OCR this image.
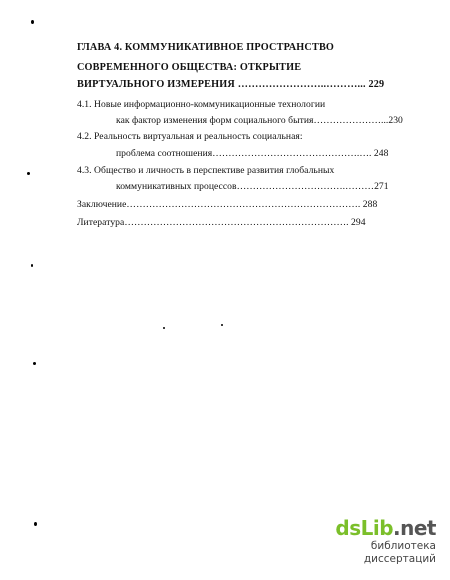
ГЛАВА 4. КОММУНИКАТИВНОЕ ПРОСТРАНСТВО
СОВРЕМЕННОГО ОБЩЕСТВА: ОТКРЫТИЕ
ВИРТУАЛЬНОГО ИЗМЕРЕНИЯ ……………………..………... 229
4.1. Новые информационно-коммуникационные технологии
как фактор изменения форм социального бытия…………………...230
4.2. Реальность виртуальная и реальность социальная:
проблема соотношения……………………………………….…. 248
4.3. Общество и личность в перспективе развития глобальных
коммуникативных процессов…………………………….………271
Заключение………………………………………………………………. 288
Литература……………………………………………………………. 294
dsLib.net
библиотека диссертаций
